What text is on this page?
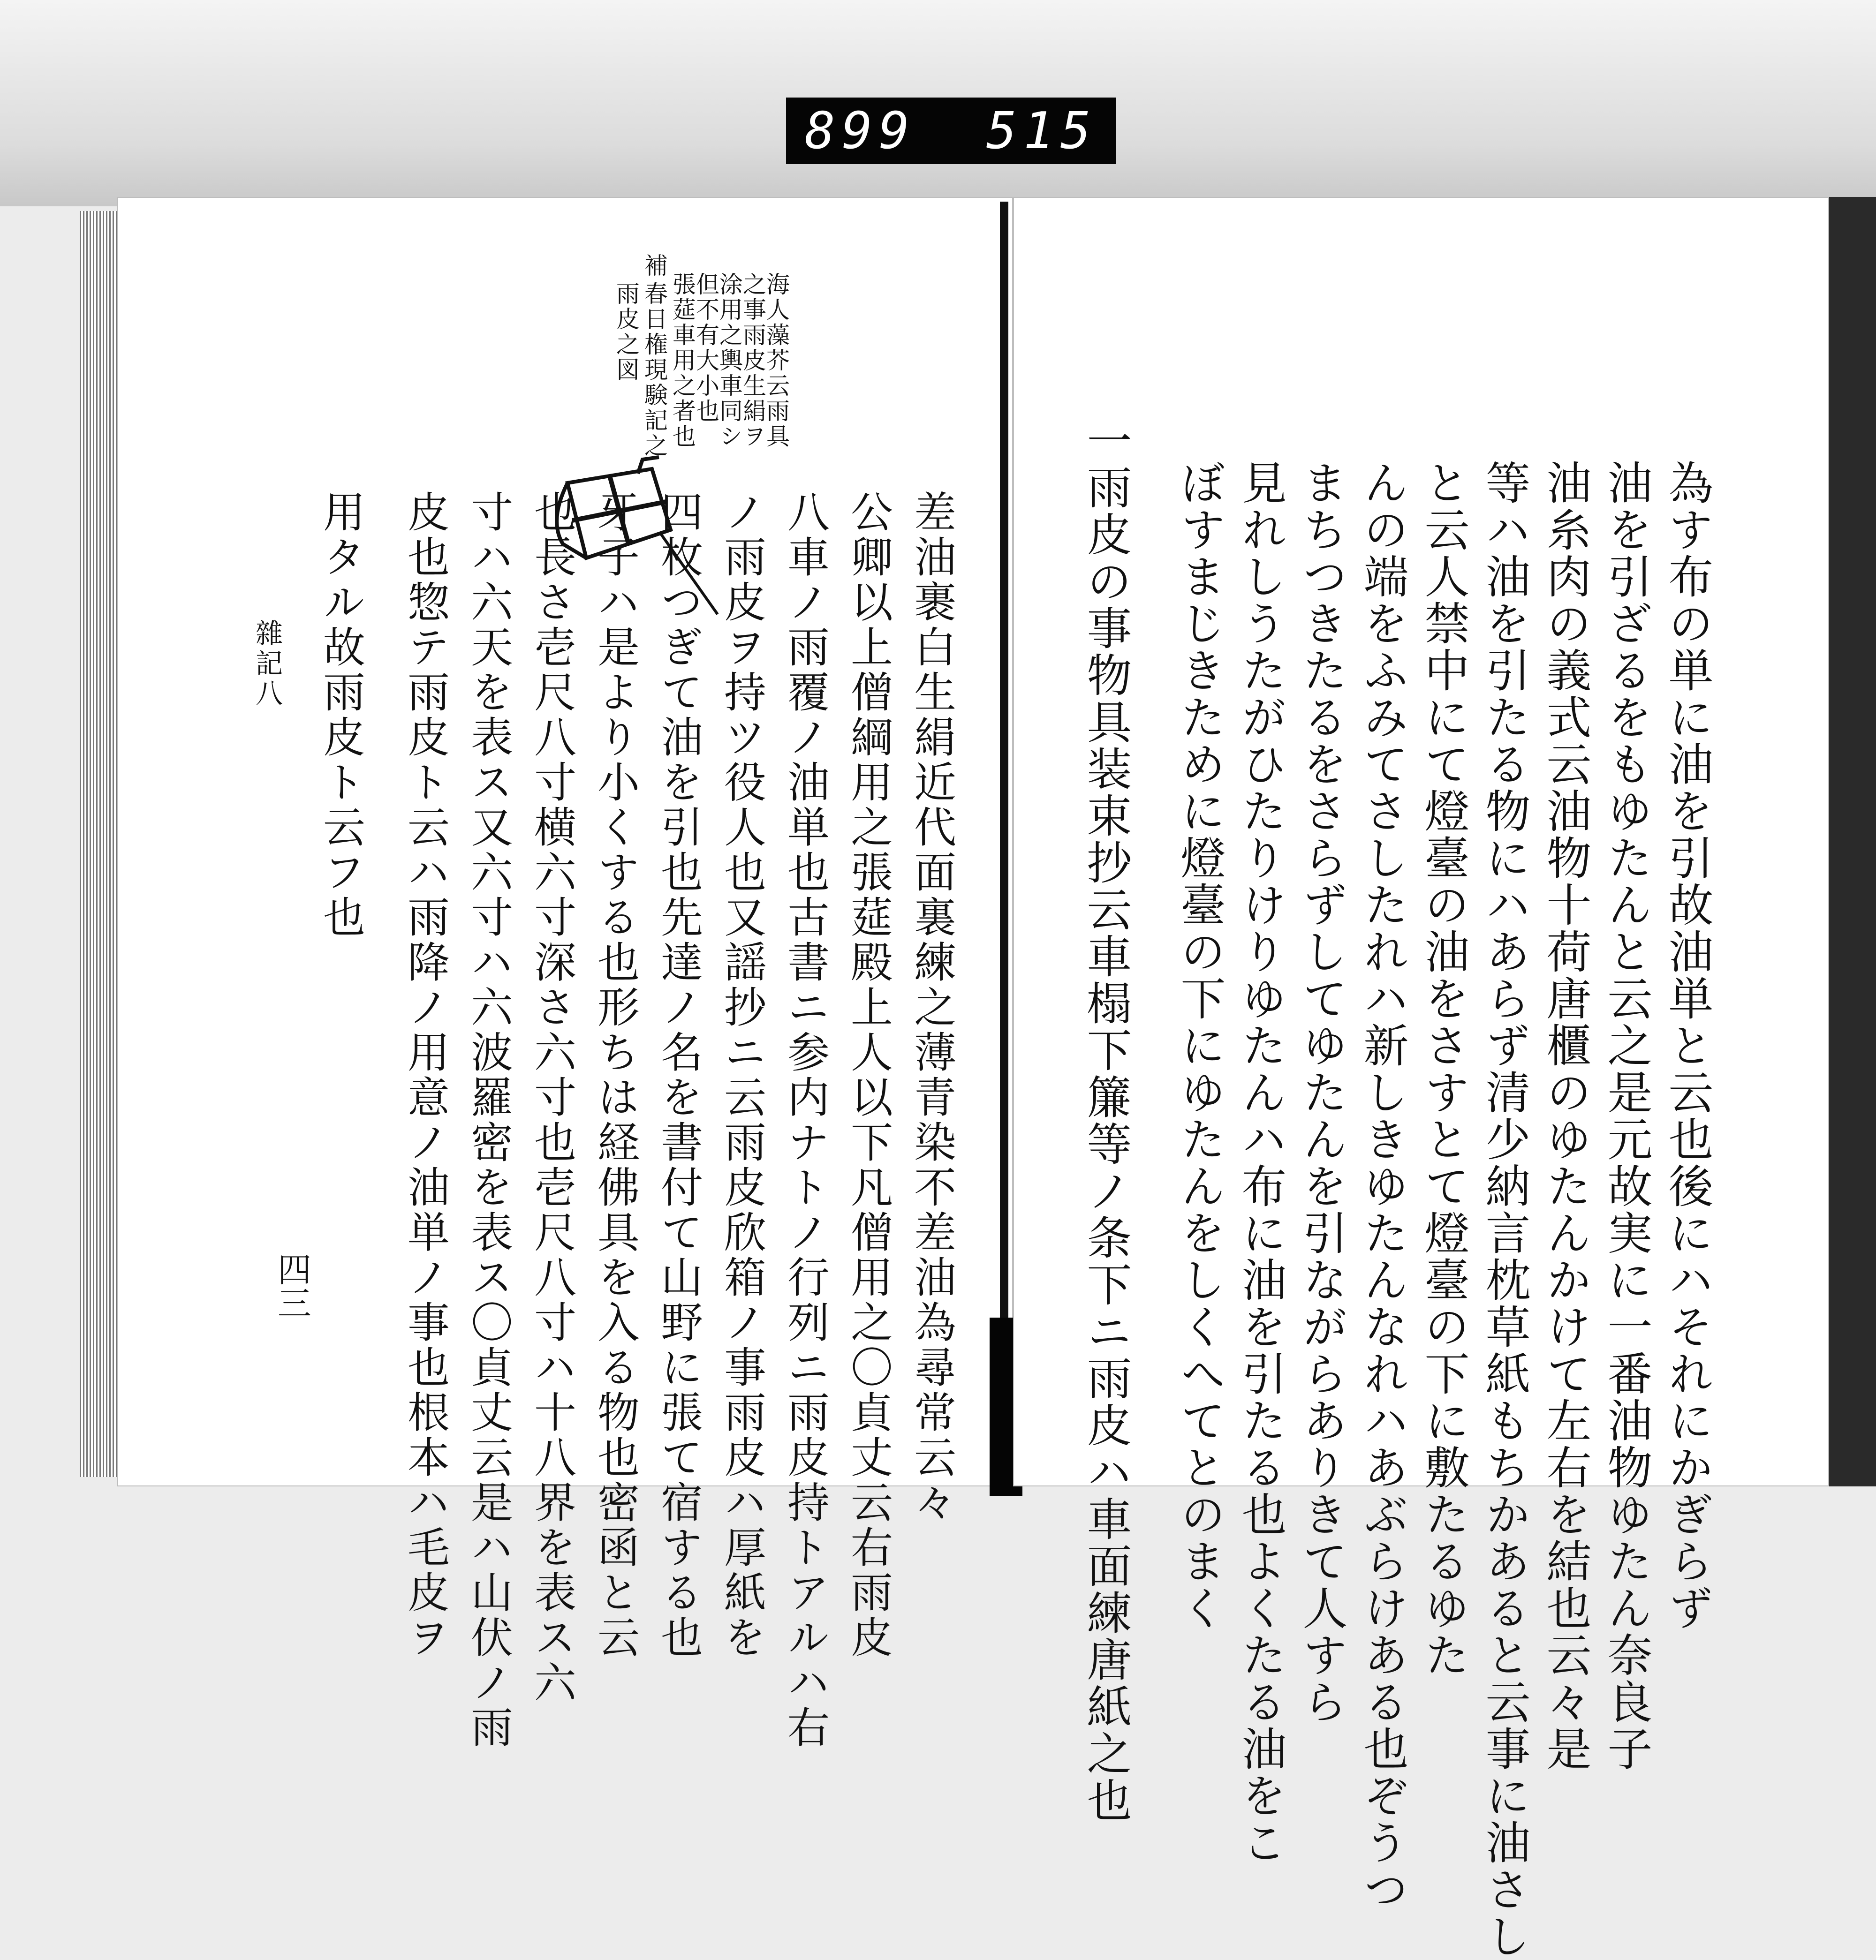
899 515
海人藻芥云雨具
之事雨皮生絹ヲ
涂用之輿車同シ
但不有大小也
張莚車用之者也
補
春日権現験記之
雨皮之図
差油裹白生絹近代面裏練之薄青染不差油為尋常云々
公卿以上僧綱用之張莚殿上人以下凡僧用之〇貞丈云右雨皮
八車ノ雨覆ノ油単也古書ニ参内ナトノ行列ニ雨皮持トアルハ右
ノ雨皮ヲ持ツ役人也又謡抄ニ云雨皮欣箱ノ事雨皮ハ厚紙を
四枚つぎて油を引也先達ノ名を書付て山野に張て宿する也
牙子ハ是より小くする也形ちは経佛具を入る物也密函と云
也長さ壱尺八寸横六寸深さ六寸也壱尺八寸ハ十八界を表ス六
寸ハ六天を表ス又六寸ハ六波羅密を表ス〇貞丈云是ハ山伏ノ雨
皮也惣テ雨皮ト云ハ雨降ノ用意ノ油単ノ事也根本ハ毛皮ヲ
用タル故雨皮ト云フ也
雜記八
四三	為す布の単に油を引故油単と云也後にハそれにかぎらず
油を引ざるをもゆたんと云之是元故実に一番油物ゆたん奈良子
油糸肉の義式云油物十荷唐櫃のゆたんかけて左右を結也云々是
等ハ油を引たる物にハあらず清少納言枕草紙もちかあると云事に油さし
と云人禁中にて燈臺の油をさすとて燈臺の下に敷たるゆた
んの端をふみてさしたれハ新しきゆたんなれハあぶらけある也ぞうつ
まちつきたるをさらずしてゆたんを引ながらありきて人すら
見れしうたがひたりけりゆたんハ布に油を引たる也よくたる油をこ
ぼすまじきために燈臺の下にゆたんをしくへてとのまく
一雨皮の事物具装束抄云車榻下簾等ノ条下ニ雨皮ハ車面練唐紙之也
